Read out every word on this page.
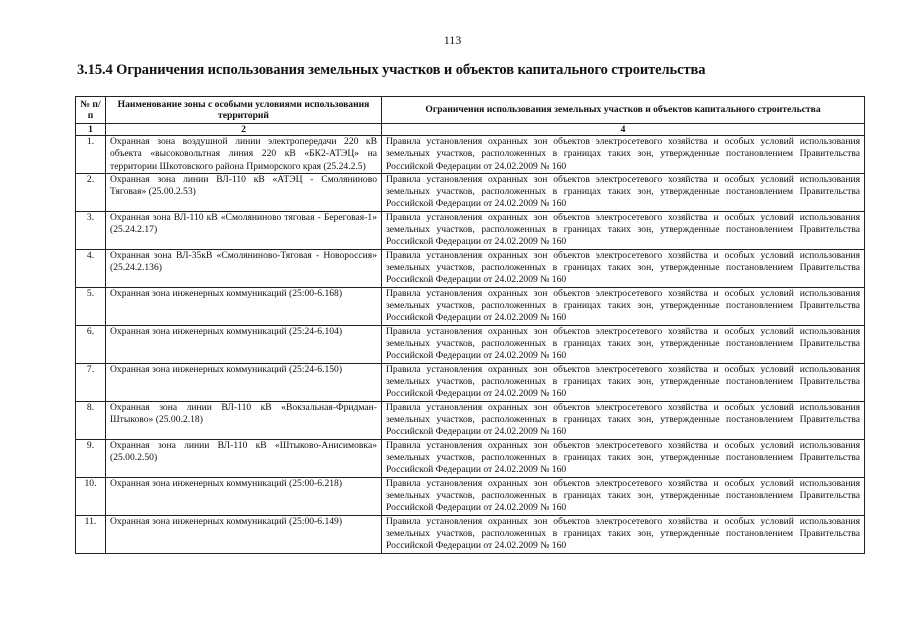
113
3.15.4 Ограничения использования земельных участков и объектов капитального строительства
№ п/п	Наименование зоны с особыми условиями использования территорий	Ограничения использования земельных участков и объектов капитального строительства
1	2	4
1.	Охранная зона воздушной линии электропередачи 220 кВ объекта «высоковольтная линия 220 кВ «БК2-АТЭЦ» на территории Шкотовского района Приморского края (25.24.2.5)	Правила установления охранных зон объектов электросетевого хозяйства и особых условий использования земельных участков, расположенных в границах таких зон, утвержденные постановлением Правительства Российской Федерации от 24.02.2009 № 160
2.	Охранная зона линии ВЛ-110 кВ «АТЭЦ - Смоляниново Тяговая» (25.00.2.53)	Правила установления охранных зон объектов электросетевого хозяйства и особых условий использования земельных участков, расположенных в границах таких зон, утвержденные постановлением Правительства Российской Федерации от 24.02.2009 № 160
3.	Охранная зона ВЛ-110 кВ «Смоляниново тяговая - Береговая-1» (25.24.2.17)	Правила установления охранных зон объектов электросетевого хозяйства и особых условий использования земельных участков, расположенных в границах таких зон, утвержденные постановлением Правительства Российской Федерации от 24.02.2009 № 160
4.	Охранная зона ВЛ-35кВ «Смоляниново-Тяговая - Новороссия» (25.24.2.136)	Правила установления охранных зон объектов электросетевого хозяйства и особых условий использования земельных участков, расположенных в границах таких зон, утвержденные постановлением Правительства Российской Федерации от 24.02.2009 № 160
5.	Охранная зона инженерных коммуникаций (25:00-6.168)	Правила установления охранных зон объектов электросетевого хозяйства и особых условий использования земельных участков, расположенных в границах таких зон, утвержденные постановлением Правительства Российской Федерации от 24.02.2009 № 160
6.	Охранная зона инженерных коммуникаций (25:24-6.104)	Правила установления охранных зон объектов электросетевого хозяйства и особых условий использования земельных участков, расположенных в границах таких зон, утвержденные постановлением Правительства Российской Федерации от 24.02.2009 № 160
7.	Охранная зона инженерных коммуникаций (25:24-6.150)	Правила установления охранных зон объектов электросетевого хозяйства и особых условий использования земельных участков, расположенных в границах таких зон, утвержденные постановлением Правительства Российской Федерации от 24.02.2009 № 160
8.	Охранная зона линии ВЛ-110 кВ «Вокзальная-Фридман-Штыково» (25.00.2.18)	Правила установления охранных зон объектов электросетевого хозяйства и особых условий использования земельных участков, расположенных в границах таких зон, утвержденные постановлением Правительства Российской Федерации от 24.02.2009 № 160
9.	Охранная зона линии ВЛ-110 кВ «Штыково-Анисимовка» (25.00.2.50)	Правила установления охранных зон объектов электросетевого хозяйства и особых условий использования земельных участков, расположенных в границах таких зон, утвержденные постановлением Правительства Российской Федерации от 24.02.2009 № 160
10.	Охранная зона инженерных коммуникаций (25:00-6.218)	Правила установления охранных зон объектов электросетевого хозяйства и особых условий использования земельных участков, расположенных в границах таких зон, утвержденные постановлением Правительства Российской Федерации от 24.02.2009 № 160
11.	Охранная зона инженерных коммуникаций (25:00-6.149)	Правила установления охранных зон объектов электросетевого хозяйства и особых условий использования земельных участков, расположенных в границах таких зон, утвержденные постановлением Правительства Российской Федерации от 24.02.2009 № 160
